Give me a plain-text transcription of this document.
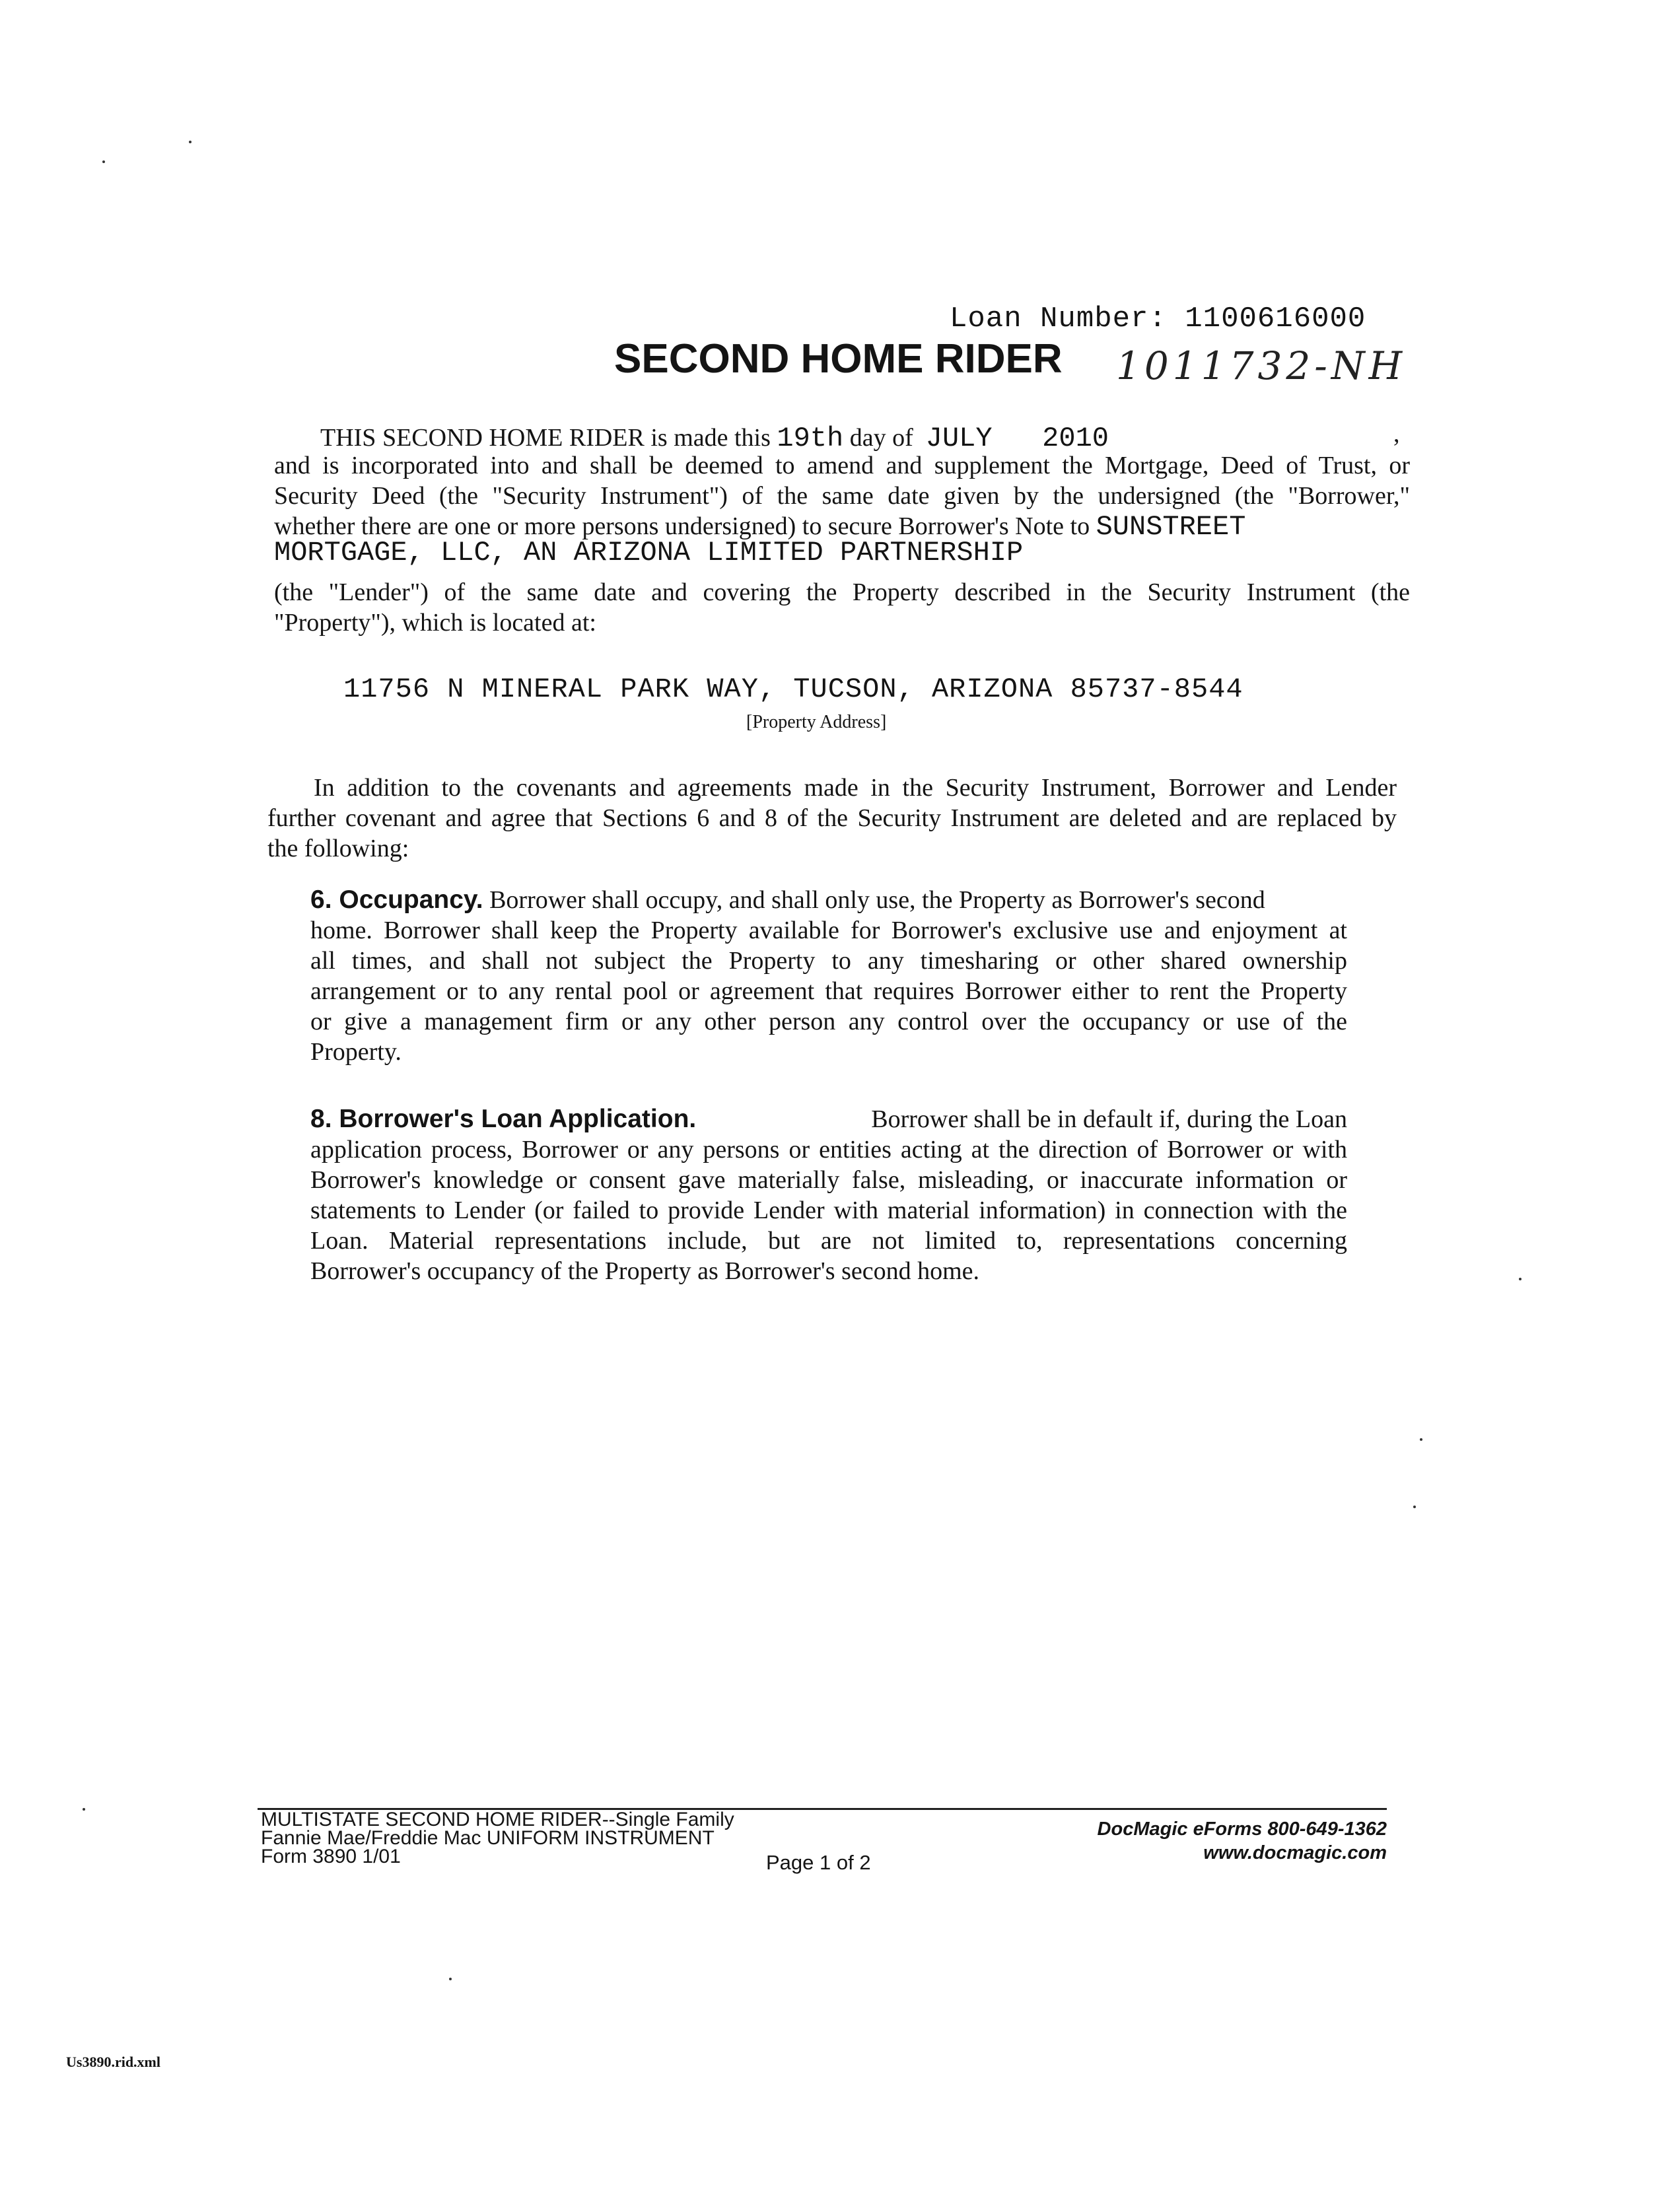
Loan Number: 1100616000
SECOND HOME RIDER 1011732-NH
THIS SECOND HOME RIDER is made this 19th day of JULY   2010	,
and is incorporated into and shall be deemed to amend and supplement the Mortgage, Deed of Trust, or
Security Deed (the "Security Instrument") of the same date given by the undersigned (the "Borrower,"
whether there are one or more persons undersigned) to secure Borrower's Note to SUNSTREET
MORTGAGE, LLC, AN ARIZONA LIMITED PARTNERSHIP
(the "Lender") of the same date and covering the Property described in the Security Instrument (the
"Property"), which is located at:
11756 N MINERAL PARK WAY, TUCSON, ARIZONA 85737-8544
[Property Address]
In addition to the covenants and agreements made in the Security Instrument, Borrower and Lender
further covenant and agree that Sections 6 and 8 of the Security Instrument are deleted and are replaced by
the following:
6. Occupancy. Borrower shall occupy, and shall only use, the Property as Borrower's second
home. Borrower shall keep the Property available for Borrower's exclusive use and enjoyment at
all times, and shall not subject the Property to any timesharing or other shared ownership
arrangement or to any rental pool or agreement that requires Borrower either to rent the Property
or give a management firm or any other person any control over the occupancy or use of the
Property.
8. Borrower's Loan Application.	Borrower shall be in default if, during the Loan
application process, Borrower or any persons or entities acting at the direction of Borrower or with
Borrower's knowledge or consent gave materially false, misleading, or inaccurate information or
statements to Lender (or failed to provide Lender with material information) in connection with the
Loan. Material representations include, but are not limited to, representations concerning
Borrower's occupancy of the Property as Borrower's second home.
MULTISTATE SECOND HOME RIDER--Single Family
Fannie Mae/Freddie Mac UNIFORM INSTRUMENT
Form 3890 1/01	Page 1 of 2
DocMagic eForms 800-649-1362
www.docmagic.com
Us3890.rid.xml
